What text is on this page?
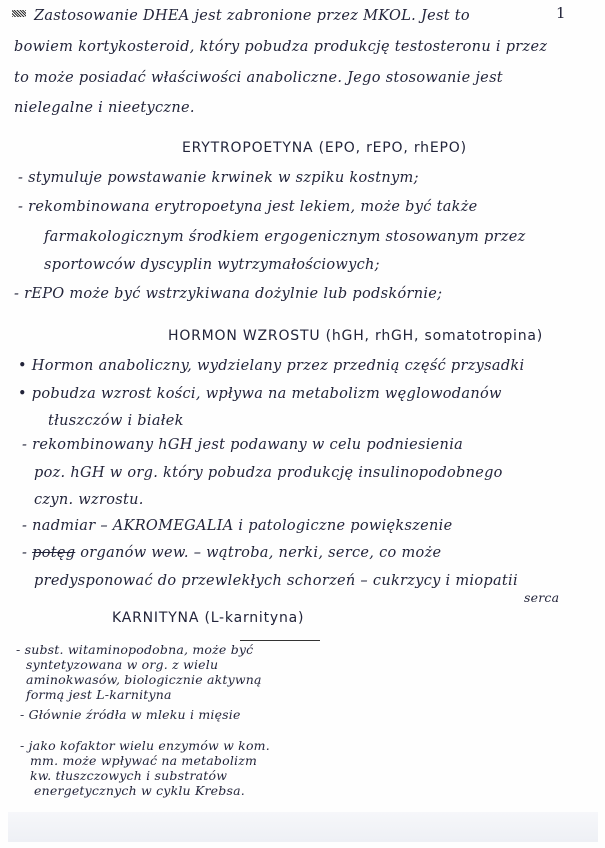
1
Zastosowanie DHEA jest zabronione przez MKOL. Jest to
bowiem kortykosteroid, który pobudza produkcję testosteronu i przez
to może posiadać właściwości anaboliczne. Jego stosowanie jest
nielegalne i nieetyczne.
ERYTROPOETYNA (EPO, rEPO, rhEPO)
- stymuluje powstawanie krwinek w szpiku kostnym;
- rekombinowana erytropoetyna jest lekiem, może być także
farmakologicznym środkiem ergogenicznym stosowanym przez
sportowców dyscyplin wytrzymałościowych;
- rEPO może być wstrzykiwana dożylnie lub podskórnie;
HORMON WZROSTU (hGH, rhGH, somatotropina)
• Hormon anaboliczny, wydzielany przez przednią część przysadki
• pobudza wzrost kości, wpływa na metabolizm węglowodanów
tłuszczów i białek
- rekombinowany hGH jest podawany w celu podniesienia
poz. hGH w org. który pobudza produkcję insulinopodobnego
czyn. wzrostu.
- nadmiar – AKROMEGALIA i patologiczne powiększenie
- potęg organów wew. – wątroba, nerki, serce, co może
predysponować do przewlekłych schorzeń – cukrzycy i miopatii
serca
KARNITYNA (L-karnityna)
- subst. witaminopodobna, może być
syntetyzowana w org. z wielu
aminokwasów, biologicznie aktywną
formą jest L-karnityna
- Głównie źródła w mleku i mięsie
- jako kofaktor wielu enzymów w kom.
mm. może wpływać na metabolizm
kw. tłuszczowych i substratów
energetycznych w cyklu Krebsa.
